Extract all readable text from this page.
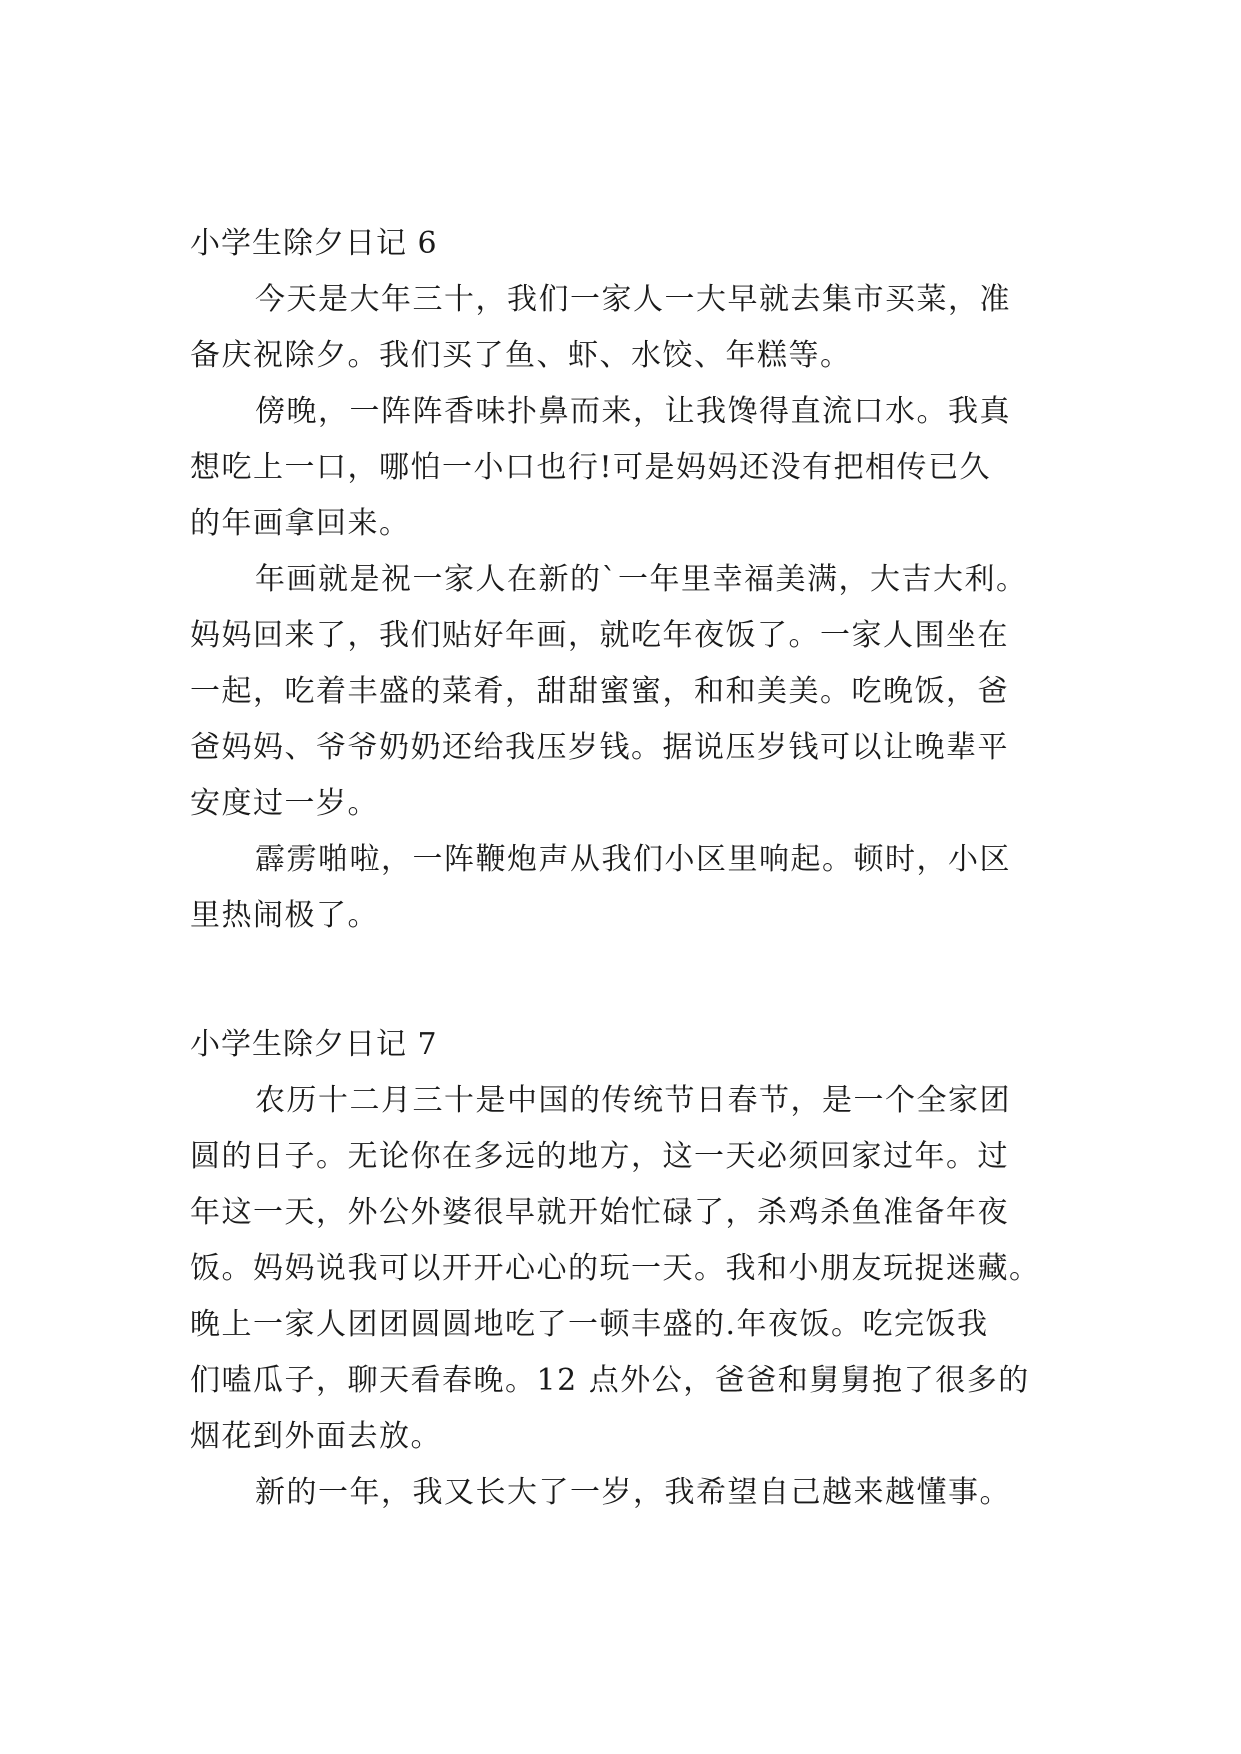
小学生除夕日记 6
今天是大年三十，我们一家人一大早就去集市买菜，准
备庆祝除夕。我们买了鱼、虾、水饺、年糕等。
傍晚，一阵阵香味扑鼻而来，让我馋得直流口水。我真
想吃上一口，哪怕一小口也行!可是妈妈还没有把相传已久
的年画拿回来。
年画就是祝一家人在新的`一年里幸福美满，大吉大利。
妈妈回来了，我们贴好年画，就吃年夜饭了。一家人围坐在
一起，吃着丰盛的菜肴，甜甜蜜蜜，和和美美。吃晚饭，爸
爸妈妈、爷爷奶奶还给我压岁钱。据说压岁钱可以让晚辈平
安度过一岁。
霹雳啪啦，一阵鞭炮声从我们小区里响起。顿时，小区
里热闹极了。
小学生除夕日记 7
农历十二月三十是中国的传统节日春节，是一个全家团
圆的日子。无论你在多远的地方，这一天必须回家过年。过
年这一天，外公外婆很早就开始忙碌了，杀鸡杀鱼准备年夜
饭。妈妈说我可以开开心心的玩一天。我和小朋友玩捉迷藏。
晚上一家人团团圆圆地吃了一顿丰盛的.年夜饭。吃完饭我
们嗑瓜子，聊天看春晚。12 点外公，爸爸和舅舅抱了很多的
烟花到外面去放。
新的一年，我又长大了一岁，我希望自己越来越懂事。
